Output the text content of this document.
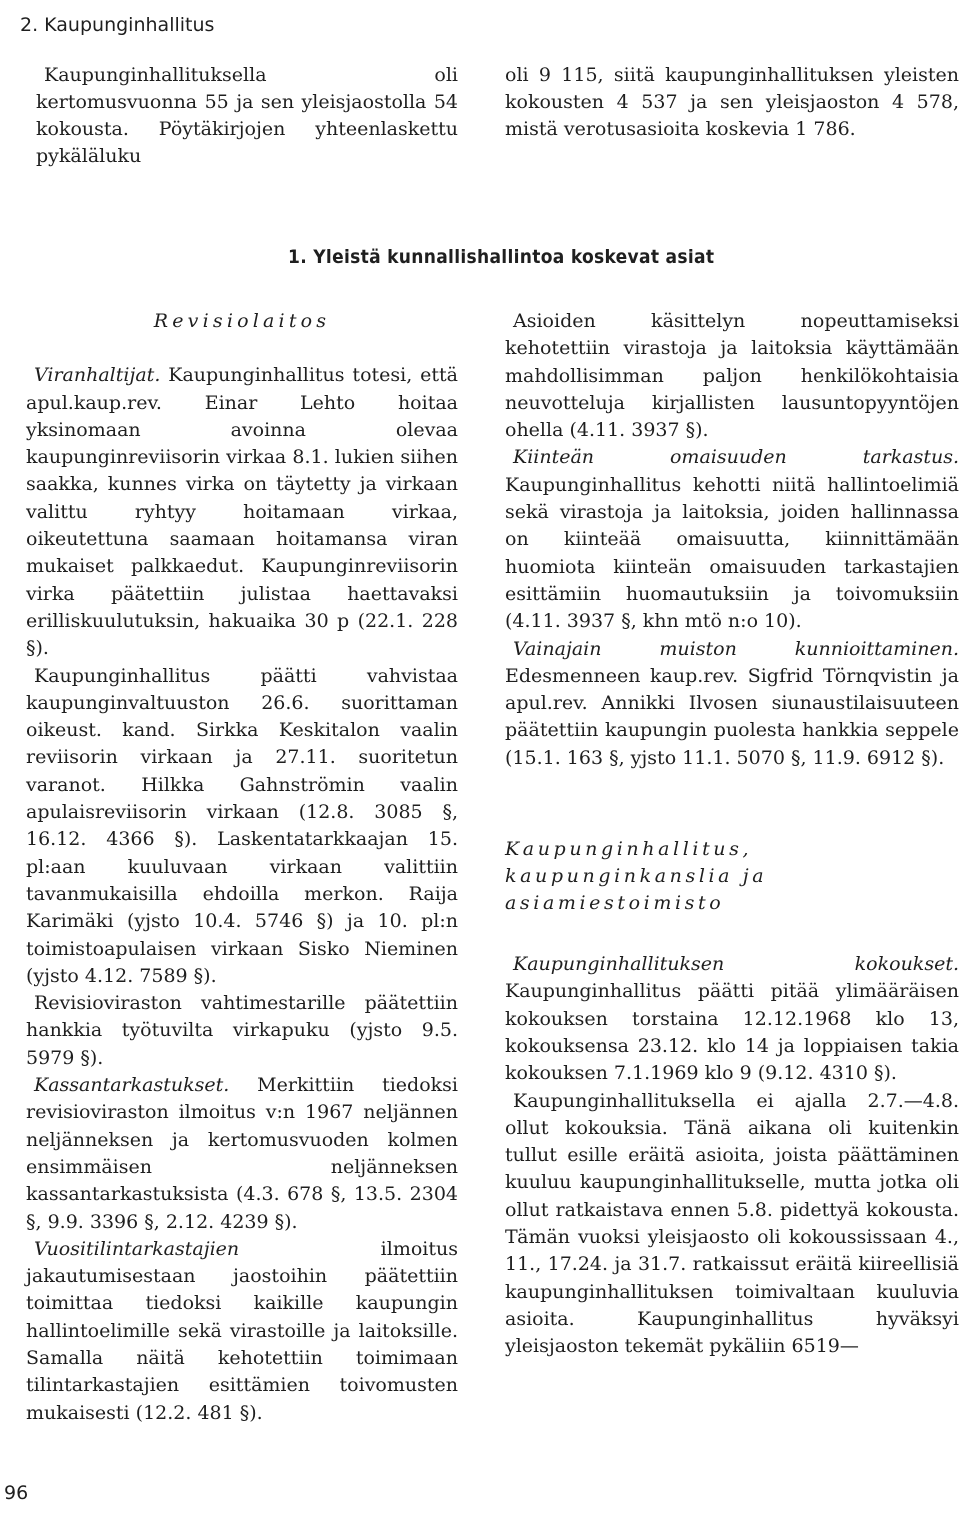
2. Kaupunginhallitus

Kaupunginhallituksella oli kertomusvuonna 55 ja sen yleisjaostolla 54 kokousta. Pöytäkirjojen yhteenlaskettu pykäläluku

oli 9 115, siitä kaupunginhallituksen yleisten kokousten 4 537 ja sen yleisjaoston 4 578, mistä verotusasioita koskevia 1 786.

1. Yleistä kunnallishallintoa koskevat asiat

Revisiolaitos

Viranhaltijat. Kaupunginhallitus totesi, että apul.kaup.rev. Einar Lehto hoitaa yksinomaan avoinna olevaa kaupunginreviisorin virkaa 8.1. lukien siihen saakka, kunnes virka on täytetty ja virkaan valittu ryhtyy hoitamaan virkaa, oikeutettuna saamaan hoitamansa viran mukaiset palkkaedut. Kaupunginreviisorin virka päätettiin julistaa haettavaksi erilliskuulutuksin, hakuaika 30 p (22.1. 228 §).

Kaupunginhallitus päätti vahvistaa kaupunginvaltuuston 26.6. suorittaman oikeust. kand. Sirkka Keskitalon vaalin reviisorin virkaan ja 27.11. suoritetun varanot. Hilkka Gahnströmin vaalin apulaisreviisorin virkaan (12.8. 3085 §, 16.12. 4366 §). Laskentatarkkaajan 15. pl:aan kuuluvaan virkaan valittiin tavanmukaisilla ehdoilla merkon. Raija Karimäki (yjsto 10.4. 5746 §) ja 10. pl:n toimistoapulaisen virkaan Sisko Nieminen (yjsto 4.12. 7589 §).

Revisioviraston vahtimestarille päätettiin hankkia työtuvilta virkapuku (yjsto 9.5. 5979 §).

Kassantarkastukset. Merkittiin tiedoksi revisioviraston ilmoitus v:n 1967 neljännen neljänneksen ja kertomusvuoden kolmen ensimmäisen neljänneksen kassantarkastuksista (4.3. 678 §, 13.5. 2304 §, 9.9. 3396 §, 2.12. 4239 §).

Vuositilintarkastajien ilmoitus jakautumisestaan jaostoihin päätettiin toimittaa tiedoksi kaikille kaupungin hallintoelimille sekä virastoille ja laitoksille. Samalla näitä kehotettiin toimimaan tilintarkastajien esittämien toivomusten mukaisesti (12.2. 481 §).

Asioiden käsittelyn nopeuttamiseksi kehotettiin virastoja ja laitoksia käyttämään mahdollisimman paljon henkilökohtaisia neuvotteluja kirjallisten lausuntopyyntöjen ohella (4.11. 3937 §).

Kiinteän omaisuuden tarkastus. Kaupunginhallitus kehotti niitä hallintoelimiä sekä virastoja ja laitoksia, joiden hallinnassa on kiinteää omaisuutta, kiinnittämään huomiota kiinteän omaisuuden tarkastajien esittämiin huomautuksiin ja toivomuksiin (4.11. 3937 §, khn mtö n:o 10).

Vainajain muiston kunnioittaminen. Edesmenneen kaup.rev. Sigfrid Törnqvistin ja apul.rev. Annikki Ilvosen siunaustilaisuuteen päätettiin kaupungin puolesta hankkia seppele (15.1. 163 §, yjsto 11.1. 5070 §, 11.9. 6912 §).

Kaupunginhallitus, kaupunginkanslia ja asiamiestoimisto

Kaupunginhallituksen kokoukset. Kaupunginhallitus päätti pitää ylimääräisen kokouksen torstaina 12.12.1968 klo 13, kokouksensa 23.12. klo 14 ja loppiaisen takia kokouksen 7.1.1969 klo 9 (9.12. 4310 §).

Kaupunginhallituksella ei ajalla 2.7.—4.8. ollut kokouksia. Tänä aikana oli kuitenkin tullut esille eräitä asioita, joista päättäminen kuuluu kaupunginhallitukselle, mutta jotka oli ollut ratkaistava ennen 5.8. pidettyä kokousta. Tämän vuoksi yleisjaosto oli kokoussissaan 4., 11., 17.24. ja 31.7. ratkaissut eräitä kiireellisiä kaupunginhallituksen toimivaltaan kuuluvia asioita. Kaupunginhallitus hyväksyi yleisjaoston tekemät pykäliin 6519—

96
